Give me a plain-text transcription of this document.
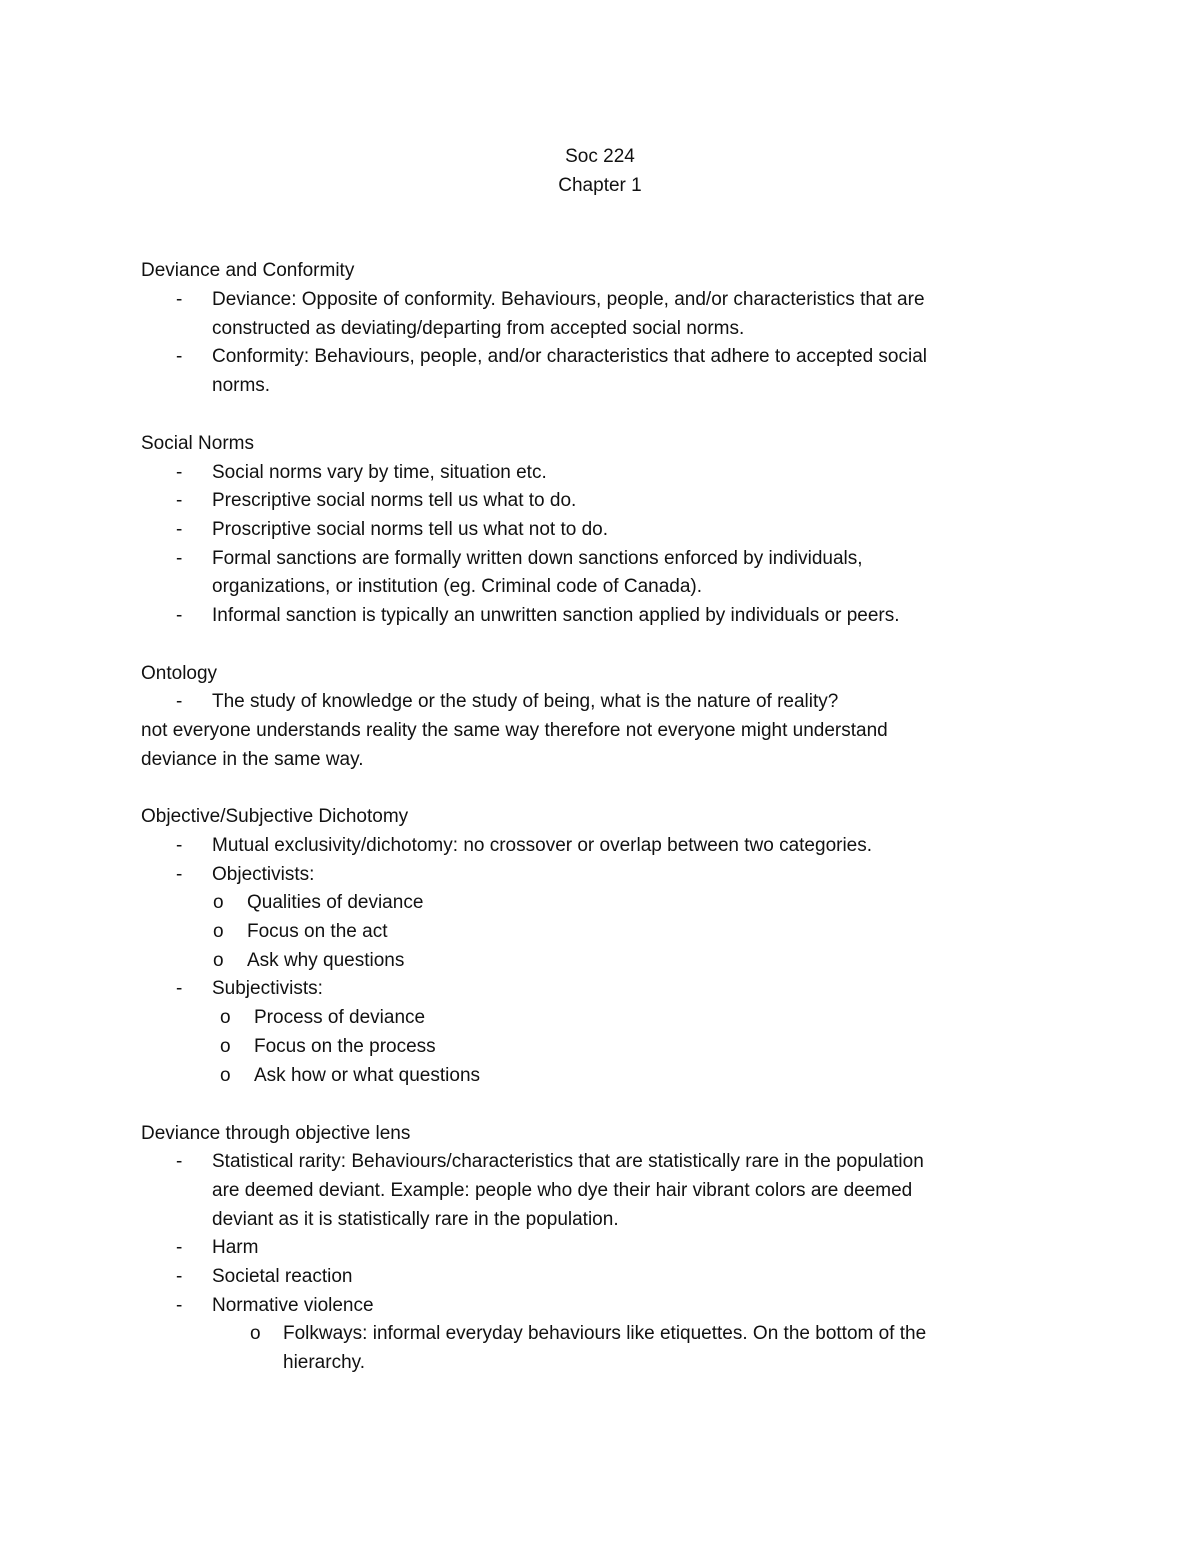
Soc 224
Chapter 1
Deviance and Conformity
-	Deviance: Opposite of conformity. Behaviours, people, and/or characteristics that are
constructed as deviating/departing from accepted social norms.
-	Conformity: Behaviours, people, and/or characteristics that adhere to accepted social
norms.
Social Norms
-	Social norms vary by time, situation etc.
-	Prescriptive social norms tell us what to do.
-	Proscriptive social norms tell us what not to do.
-	Formal sanctions are formally written down sanctions enforced by individuals,
organizations, or institution (eg. Criminal code of Canada).
-	Informal sanction is typically an unwritten sanction applied by individuals or peers.
Ontology
-	The study of knowledge or the study of being, what is the nature of reality?
not everyone understands reality the same way therefore not everyone might understand
deviance in the same way.
Objective/Subjective Dichotomy
-	Mutual exclusivity/dichotomy: no crossover or overlap between two categories.
-	Objectivists:
o	Qualities of deviance
o	Focus on the act
o	Ask why questions
-	Subjectivists:
o	Process of deviance
o	Focus on the process
o	Ask how or what questions
Deviance through objective lens
-	Statistical rarity: Behaviours/characteristics that are statistically rare in the population
are deemed deviant. Example: people who dye their hair vibrant colors are deemed
deviant as it is statistically rare in the population.
-	Harm
-	Societal reaction
-	Normative violence
o	Folkways: informal everyday behaviours like etiquettes. On the bottom of the
hierarchy.
